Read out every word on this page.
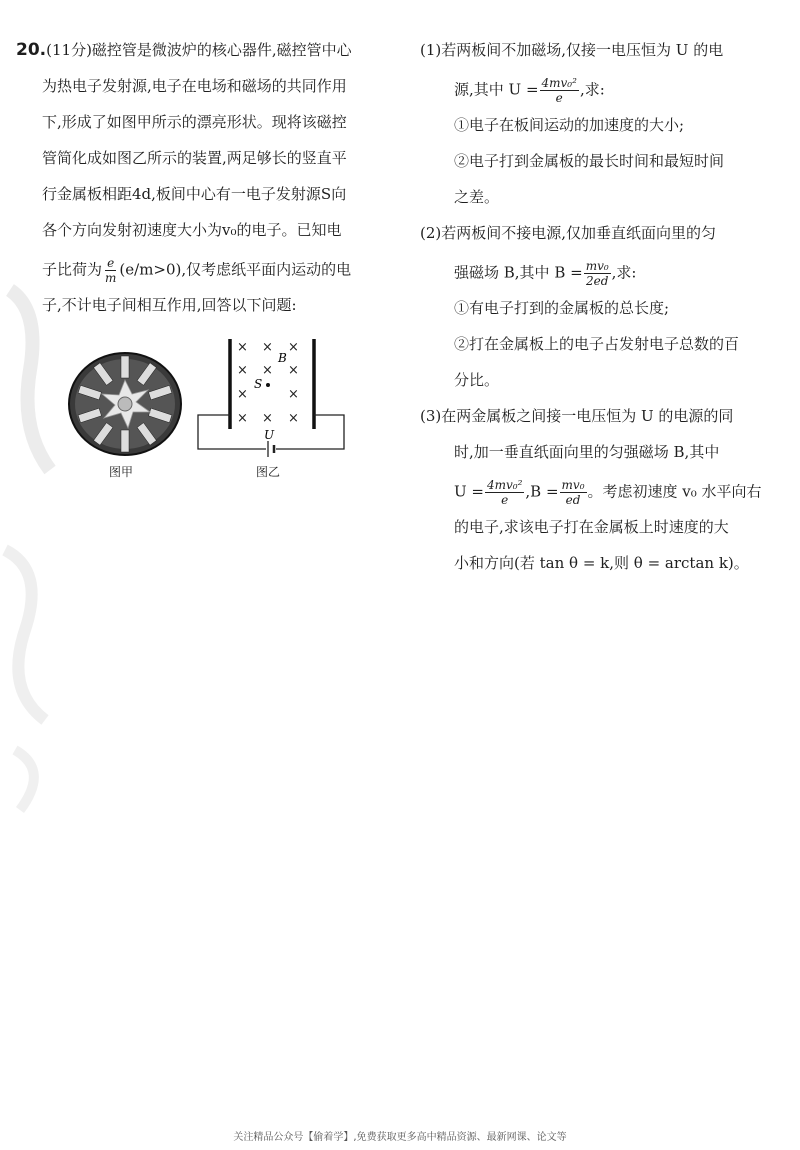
20.(11分)磁控管是微波炉的核心器件,磁控管中心
为热电子发射源,电子在电场和磁场的共同作用
下,形成了如图甲所示的漂亮形状。现将该磁控
管简化成如图乙所示的装置,两足够长的竖直平
行金属板相距4d,板间中心有一电子发射源S向
各个方向发射初速度大小为v₀的电子。已知电
子比荷为 $\frac{e}{m} (e/m>0)$,仅考虑纸平面内运动的电
子,不计电子间相互作用,回答以下问题:
图甲
× × ×
× × ×
×	×
× × ×
B
S
U
图乙
(1)若两板间不加磁场,仅接一电压恒为 U 的电
源,其中 $U = \frac{\text{4mv₀²}}{e}$ ,求:
①电子在板间运动的加速度的大小;
②电子打到金属板的最长时间和最短时间
之差。
(2)若两板间不接电源,仅加垂直纸面向里的匀
强磁场 B,其中 $B = \frac{\text{mv₀}}{2ed}$ ,求:
①有电子打到的金属板的总长度;
②打在金属板上的电子占发射电子总数的百
分比。
(3)在两金属板之间接一电压恒为 U 的电源的同
时,加一垂直纸面向里的匀强磁场 B,其中
$U = \frac{\text{4mv₀²}}{e} ,B = \frac{\text{mv₀}}{ed}$ 。考虑初速度 v₀ 水平向右
的电子,求该电子打在金属板上时速度的大
小和方向(若 tan θ = k,则 θ = arctan k)。
关注精品公众号【偷着学】,免费获取更多高中精品资源、最新网课、论文等
